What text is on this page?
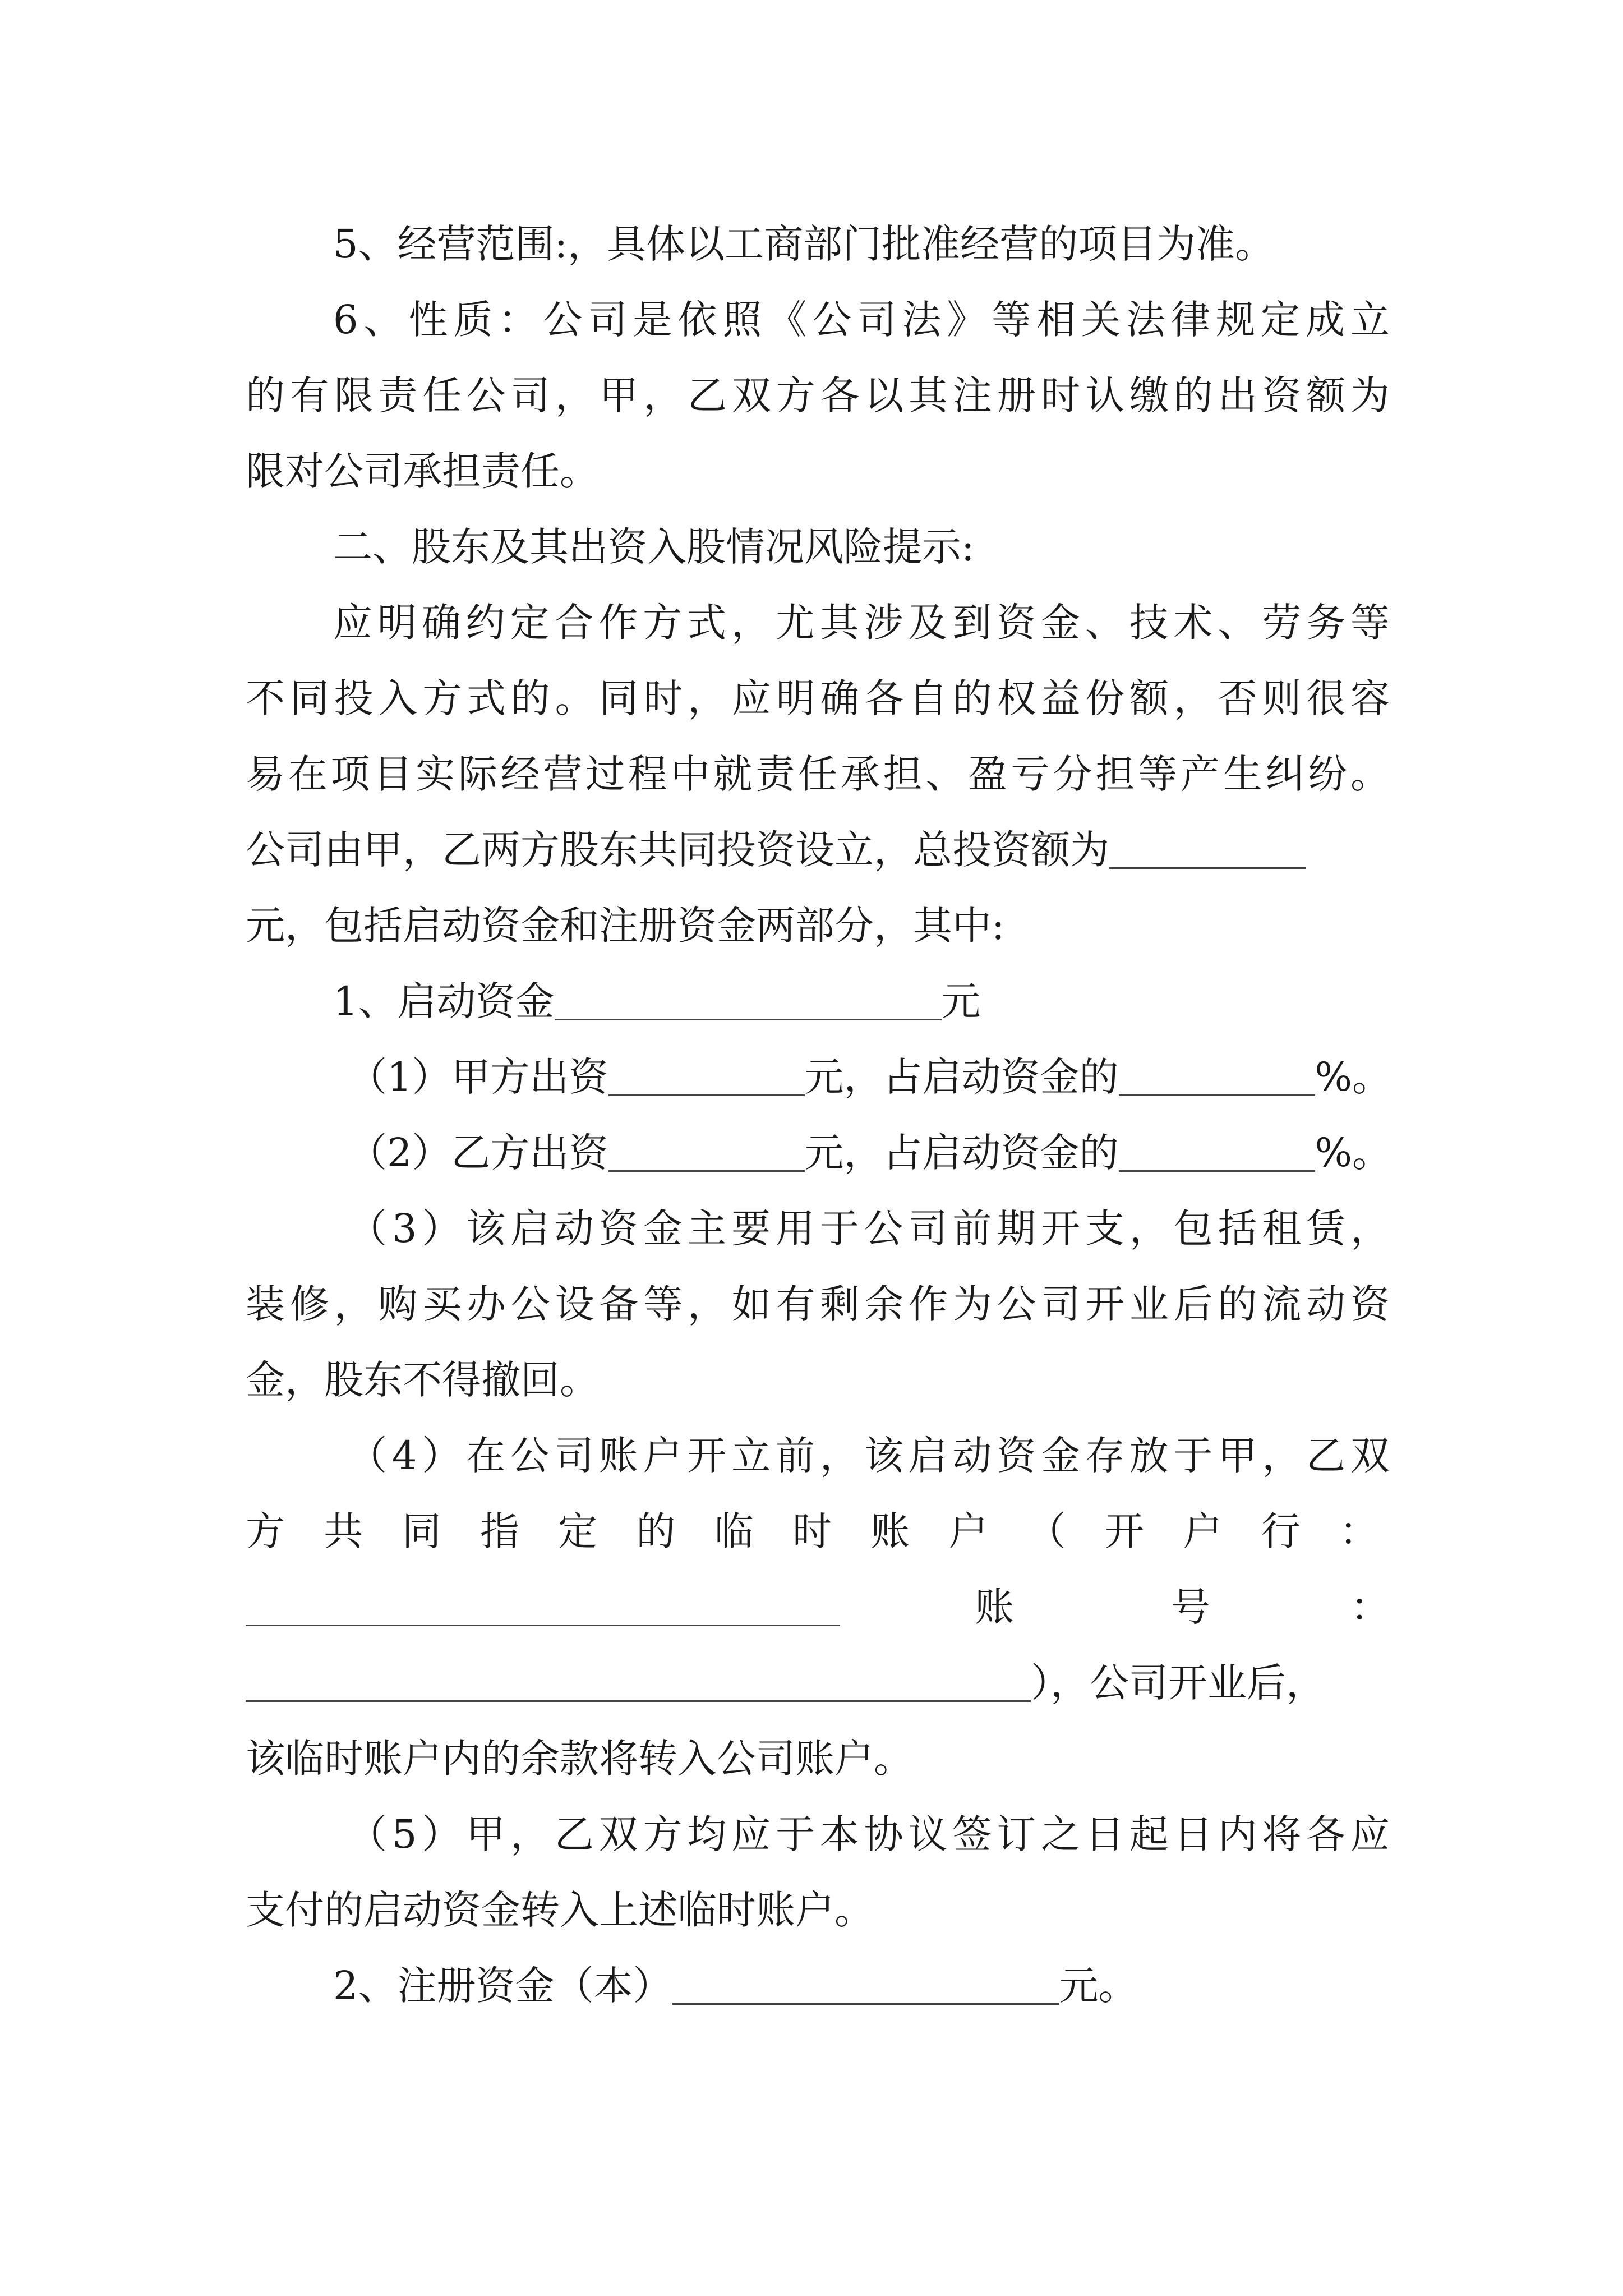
5、经营范围:，具体以工商部门批准经营的项目为准。
6、性质：公司是依照《公司法》等相关法律规定成立
的有限责任公司，甲，乙双方各以其注册时认缴的出资额为
限对公司承担责任。
二、股东及其出资入股情况风险提示:
应明确约定合作方式，尤其涉及到资金、技术、劳务等
不同投入方式的。同时，应明确各自的权益份额，否则很容
易在项目实际经营过程中就责任承担、盈亏分担等产生纠纷。
公司由甲，乙两方股东共同投资设立，总投资额为
元，包括启动资金和注册资金两部分，其中:
1、启动资金	元
（1）甲方出资	元，占启动资金的	%。
（2）乙方出资	元，占启动资金的	%。
（3）该启动资金主要用于公司前期开支，包括租赁，
装修，购买办公设备等，如有剩余作为公司开业后的流动资
金，股东不得撤回。
（4）在公司账户开立前，该启动资金存放于甲，乙双
方共同指定的临时账户（开户行：
账	号	：
），公司开业后，
该临时账户内的余款将转入公司账户。
（5）甲，乙双方均应于本协议签订之日起日内将各应
支付的启动资金转入上述临时账户。
2、注册资金（本）	元。
